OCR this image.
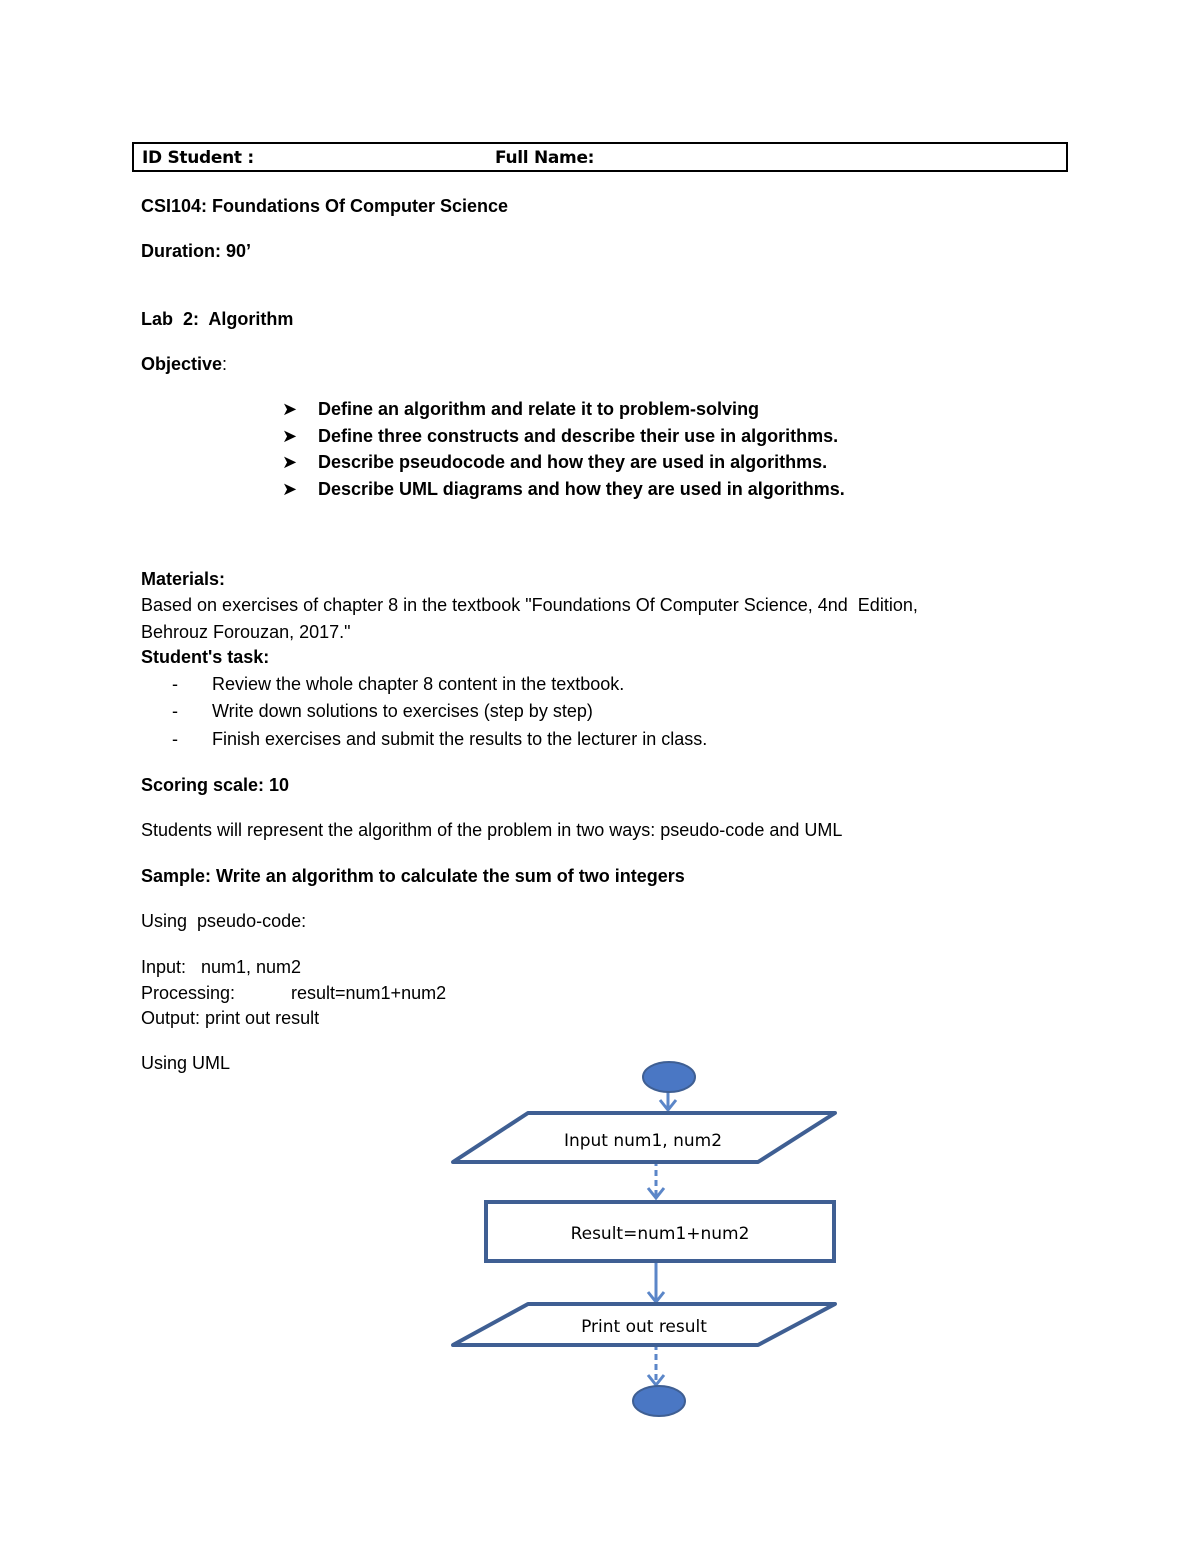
ID Student :	Full Name:
CSI104: Foundations Of Computer Science
Duration: 90’
Lab  2:  Algorithm
Objective:
➤ Define an algorithm and relate it to problem-solving
➤ Define three constructs and describe their use in algorithms.
➤ Describe pseudocode and how they are used in algorithms.
➤ Describe UML diagrams and how they are used in algorithms.
Materials:
Based on exercises of chapter 8 in the textbook "Foundations Of Computer Science, 4nd  Edition,
Behrouz Forouzan, 2017."
Student's task:
- Review the whole chapter 8 content in the textbook.
- Write down solutions to exercises (step by step)
- Finish exercises and submit the results to the lecturer in class.
Scoring scale: 10
Students will represent the algorithm of the problem in two ways: pseudo-code and UML
Sample: Write an algorithm to calculate the sum of two integers
Using  pseudo-code:
Input: num1, num2
Processing:	result=num1+num2
Output: print out result
Using UML
Input num1, num2
Result=num1+num2
Print out result
